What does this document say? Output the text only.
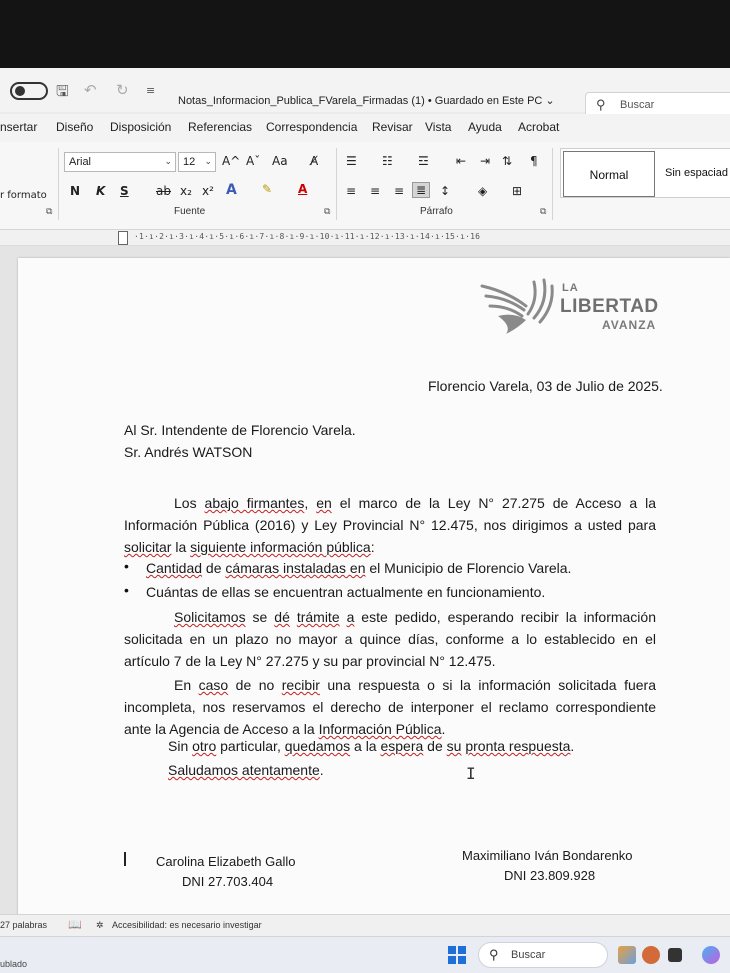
🖫 ↶ ↻ ≡
Notas_Informacion_Publica_FVarela_Firmadas (1) • Guardado en Este PC ⌄	⚲ Buscar
nsertar Diseño Disposición Referencias Correspondencia Revisar Vista Ayuda Acrobat
r formato
⧉
Arial	⌄	12 ⌄ A^ Aˇ Aa A̸
N K S ab x₂ x² A ✎ A
Fuente	⧉
☰ ☷ ☲ ⇤ ⇥ ⇅ ¶
≡ ≡ ≡ ≣	↕ ◈ ⊞
Párrafo	⧉
Normal	Sin espaciad
·1·ı·2·ı·3·ı·4·ı·5·ı·6·ı·7·ı·8·ı·9·ı·10·ı·11·ı·12·ı·13·ı·14·ı·15·ı·16
LA
LIBERTAD
AVANZA
Florencio Varela, 03 de Julio de 2025.
Al Sr. Intendente de Florencio Varela.
Sr. Andrés WATSON
Los abajo firmantes, en el marco de la Ley N° 27.275 de Acceso a la Información Pública (2016) y Ley Provincial N° 12.475, nos dirigimos a usted para solicitar la siguiente información pública:
• Cantidad de cámaras instaladas en el Municipio de Florencio Varela.
• Cuántas de ellas se encuentran actualmente en funcionamiento.
Solicitamos se dé trámite a este pedido, esperando recibir la información solicitada en un plazo no mayor a quince días, conforme a lo establecido en el artículo 7 de la Ley N° 27.275 y su par provincial N° 12.475.
En caso de no recibir una respuesta o si la información solicitada fuera incompleta, nos reservamos el derecho de interponer el reclamo correspondiente ante la Agencia de Acceso a la Información Pública.
Sin otro particular, quedamos a la espera de su pronta respuesta.
Saludamos atentamente.	I
Carolina Elizabeth Gallo
DNI 27.703.404
Maximiliano Iván Bondarenko
DNI 23.809.928
27 palabras 📖 ✲ Accesibilidad: es necesario investigar
ublado
⚲ Buscar
